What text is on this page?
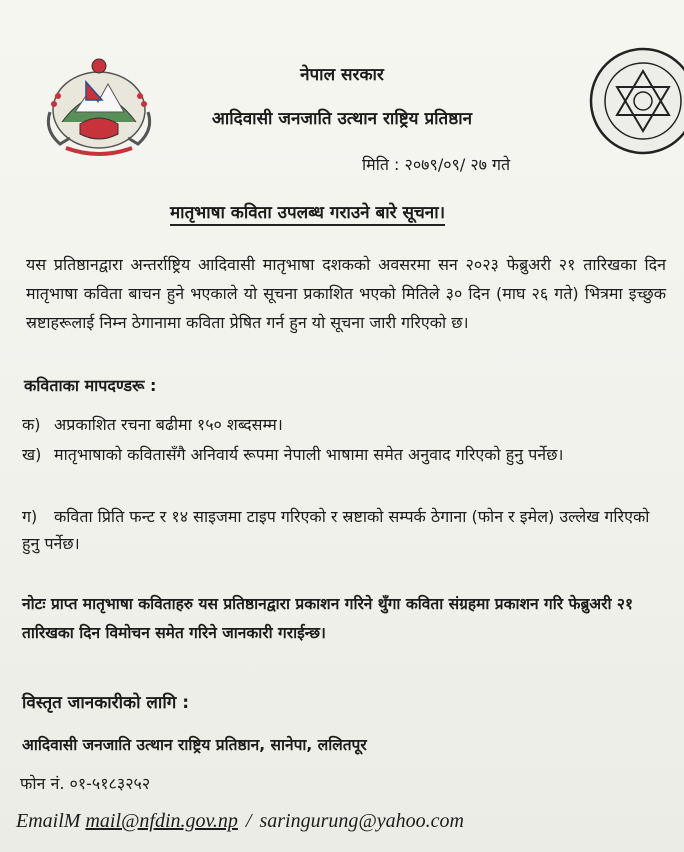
नेपाल सरकार
आदिवासी जनजाति उत्थान राष्ट्रिय प्रतिष्ठान
मिति : २०७९/०९/ २७ गते
मातृभाषा कविता उपलब्ध गराउने बारे सूचना।
यस प्रतिष्ठानद्वारा अन्तर्राष्ट्रिय आदिवासी मातृभाषा दशकको अवसरमा सन २०२३ फेब्रुअरी २१ तारिखका दिन मातृभाषा कविता बाचन हुने भएकाले यो सूचना प्रकाशित भएको मितिले ३० दिन (माघ २६ गते) भित्रमा इच्छुक स्रष्टाहरूलाई निम्न ठेगानामा कविता प्रेषित गर्न हुन यो सूचना जारी गरिएको छ।
कविताका मापदण्डरू :
क) अप्रकाशित रचना बढीमा १५० शब्दसम्म।
ख) मातृभाषाको कवितासँगै अनिवार्य रूपमा नेपाली भाषामा समेत अनुवाद गरिएको हुनु पर्नेछ।
ग) कविता प्रिति फन्ट र १४ साइजमा टाइप गरिएको र स्रष्टाको सम्पर्क ठेगाना (फोन र इमेल) उल्लेख गरिएको हुनु पर्नेछ।
नोटः प्राप्त मातृभाषा कविताहरु यस प्रतिष्ठानद्वारा प्रकाशन गरिने थुँगा कविता संग्रहमा प्रकाशन गरि फेब्रुअरी २१ तारिखका दिन विमोचन समेत गरिने जानकारी गराईन्छ।
विस्तृत जानकारीको लागि :
आदिवासी जनजाति उत्थान राष्ट्रिय प्रतिष्ठान, सानेपा, ललितपूर
फोन नं. ०१-५१८३२५२
EmailM mail@nfdin.gov.np / saringurung@yahoo.com
